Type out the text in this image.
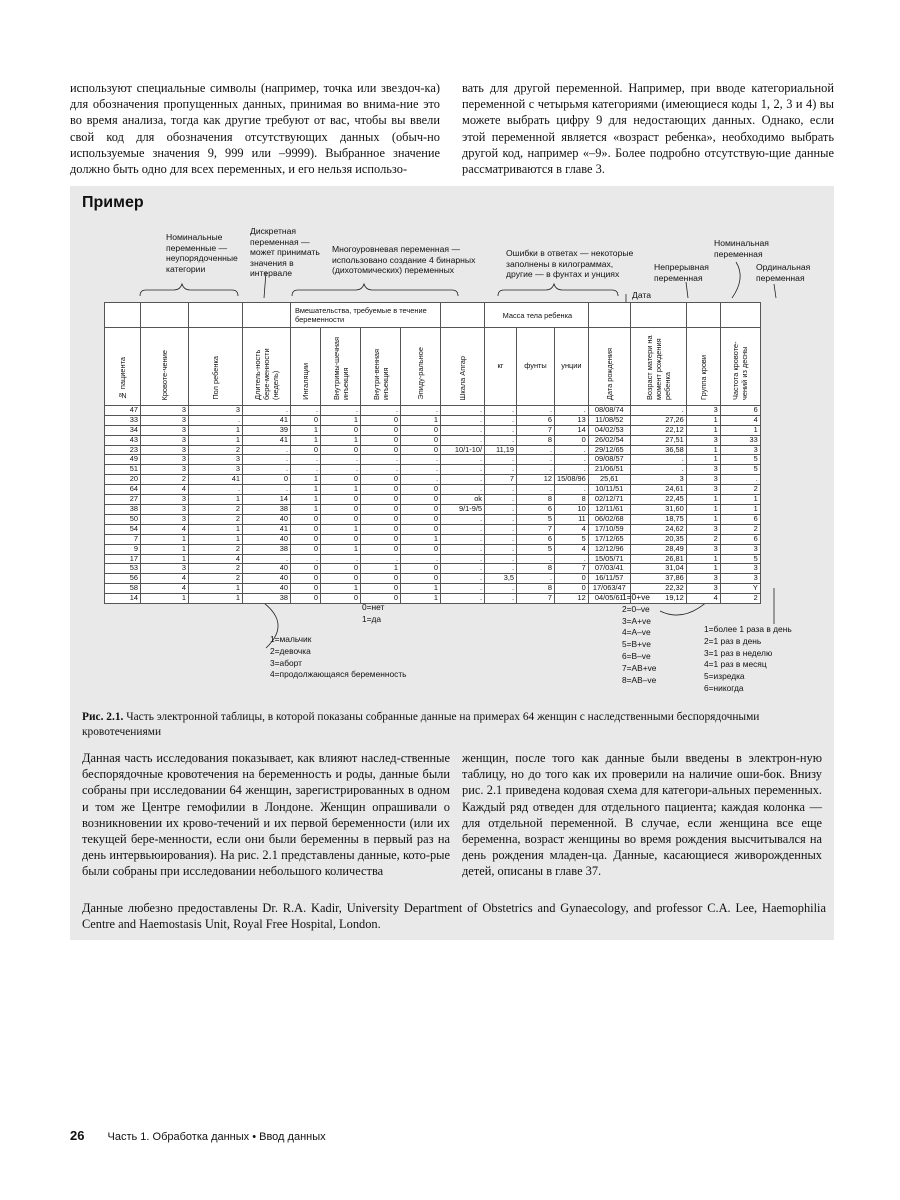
используют специальные символы (например, точка или звездоч-ка) для обозначения пропущенных данных, принимая во внима-ние это во время анализа, тогда как другие требуют от вас, чтобы вы ввели свой код для обозначения отсутствующих данных (обыч-но используемые значения 9, 999 или –9999). Выбранное значение должно быть одно для всех переменных, и его нельзя использо-
вать для другой переменной. Например, при вводе категориальной переменной с четырьмя категориями (имеющиеся коды 1, 2, 3 и 4) вы можете выбрать цифру 9 для недостающих данных. Однако, если этой переменной является «возраст ребенка», необходимо выбрать другой код, например «–9». Более подробно отсутствую-щие данные рассматриваются в главе 3.
Пример
Номинальные переменные — неупорядоченные категории
Дискретная переменная — может принимать значения в интервале
Многоуровневая переменная — использовано создание 4 бинарных (дихотомических) переменных
Ошибки в ответах — некоторые заполнены в килограммах, другие — в фунтах и унциях
Непрерывная переменная
Номинальная переменная
Ординальная переменная
Дата
				Вмешательства, требуемые в течение беременности					Масса тела ребенка						
№ пациента	Кровоте-чение	Пол ребенка	Длитель-ность бере-менности (недель)	Ингаляции	Внутримы-шечная инъекция	Внутри-венная инъекция	Эпиду-ральное	Шкала Апгар	кг	фунты	унции	Дата рождения	Возраст матери на момент рождения ребенка	Группа крови	Частота кровоте-чений из десны
47	3	3	.	.	.	.	.	.	.	.	.	08/08/74	.	3	6
33	3	.	41	0	1	0	1	.	.	6	13	11/08/52	27,26	1	4
34	3	1	39	1	0	0	0	.	.	7	14	04/02/53	22,12	1	1
43	3	1	41	1	1	0	0	.	.	8	0	26/02/54	27,51	3	33
23	3	2	.	0	0	0	0	10/1-10/	11,19	.	.	29/12/65	36,58	1	3
49	3	3	.	.	.	.	.	.	.	.	.	09/08/57	.	1	5
51	3	3	.	.	.	.	.	.	.	.	.	21/06/51	.	3	5
20	2	41	0	1	0	0	.	.	7	12	15/08/96	25,61	3	3	.
64	4	.	.	1	1	0	0	.	.	.	.	10/11/51	24,61	3	2
27	3	1	14	1	0	0	0	ok	.	8	8	02/12/71	22,45	1	1
38	3	2	38	1	0	0	0	9/1-9/5	.	6	10	12/11/61	31,60	1	1
50	3	2	40	0	0	0	0	.	.	5	11	06/02/68	18,75	1	6
54	4	1	41	0	1	0	0	.	.	7	4	17/10/59	24,62	3	2
7	1	1	40	0	0	0	1	.	.	6	5	17/12/65	20,35	2	6
9	1	2	38	0	1	0	0	.	.	5	4	12/12/96	28,49	3	3
17	1	4	.	.	.	.	.	.	.	.	.	15/05/71	26,81	1	5
53	3	2	40	0	0	1	0	.	.	8	7	07/03/41	31,04	1	3
56	4	2	40	0	0	0	0	.	3,5	.	0	16/11/57	37,86	3	3
58	4	1	40	0	1	0	1	.	.	8	0	17/063/47	22,32	3	Y
14	1	1	38	0	0	0	1	.	.	7	12	04/05/61	19,12	4	2
1=мальчик
2=девочка
3=аборт
4=продолжающаяся беременность
0=нет
1=да
1=0+ve
2=0–ve
3=A+ve
4=A–ve
5=B+ve
6=B–ve
7=AB+ve
8=AB–ve
1=более 1 раза в день
2=1 раз в день
3=1 раз в неделю
4=1 раз в месяц
5=изредка
6=никогда
Рис. 2.1. Часть электронной таблицы, в которой показаны собранные данные на примерах 64 женщин с наследственными беспорядочными кровотечениями
Данная часть исследования показывает, как влияют наслед-ственные беспорядочные кровотечения на беременность и роды, данные были собраны при исследовании 64 женщин, зарегистрированных в одном и том же Центре гемофилии в Лондоне. Женщин опрашивали о возникновении их крово-течений и их первой беременности (или их текущей бере-менности, если они были беременны в первый раз на день интервьюирования). На рис. 2.1 представлены данные, кото-рые были собраны при исследовании небольшого количества
женщин, после того как данные были введены в электрон-ную таблицу, но до того как их проверили на наличие оши-бок. Внизу рис. 2.1 приведена кодовая схема для категори-альных переменных. Каждый ряд отведен для отдельного пациента; каждая колонка — для отдельной переменной. В случае, если женщина все еще беременна, возраст женщины во время рождения высчитывался на день рождения младен-ца. Данные, касающиеся живорожденных детей, описаны в главе 37.
Данные любезно предоставлены Dr. R.A. Kadir, University Department of Obstetrics and Gynaecology, and professor C.A. Lee, Haemophilia Centre and Haemostasis Unit, Royal Free Hospital, London.
26 Часть 1. Обработка данных • Ввод данных
